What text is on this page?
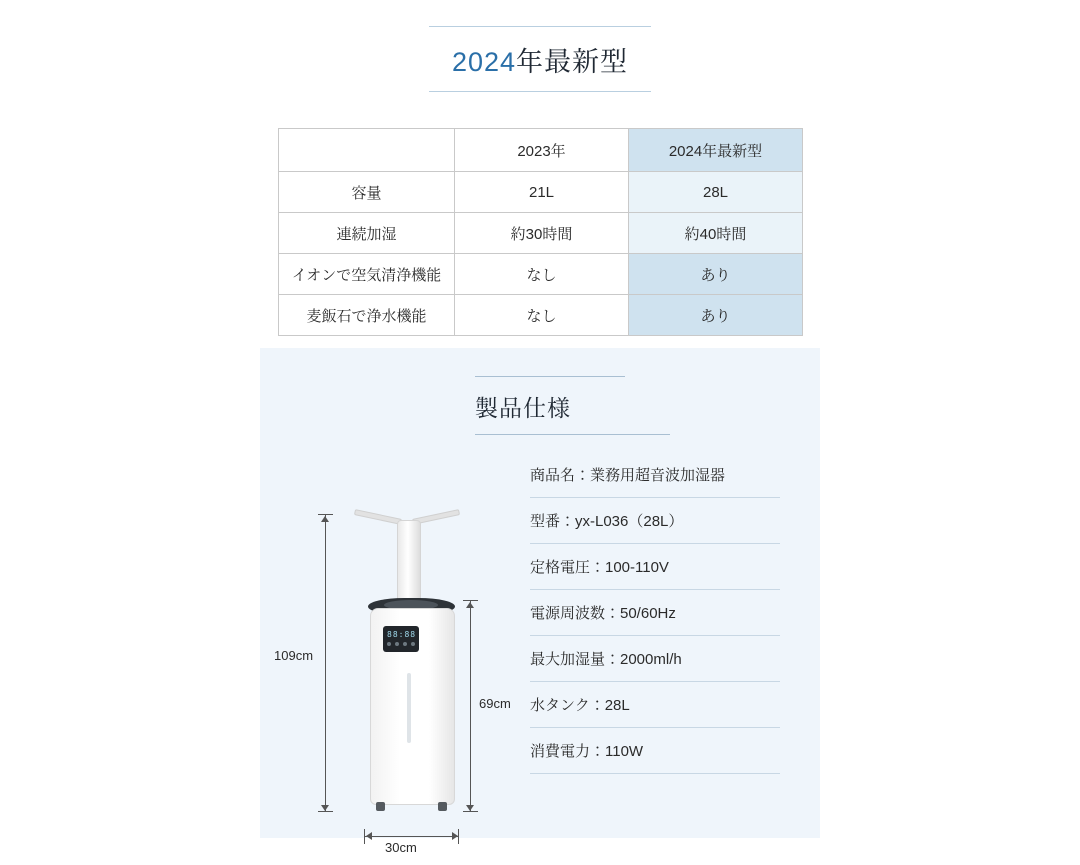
2024年最新型
	2023年	2024年最新型
容量	21L	28L
連続加湿	約30時間	約40時間
イオンで空気清浄機能	なし	あり
麦飯石で浄水機能	なし	あり
製品仕様
商品名：業務用超音波加湿器
型番：yx-L036（28L）
定格電圧：100-110V
電源周波数：50/60Hz
最大加湿量：2000ml/h
水タンク：28L
消費電力：110W
88:88
109cm
69cm
30cm
